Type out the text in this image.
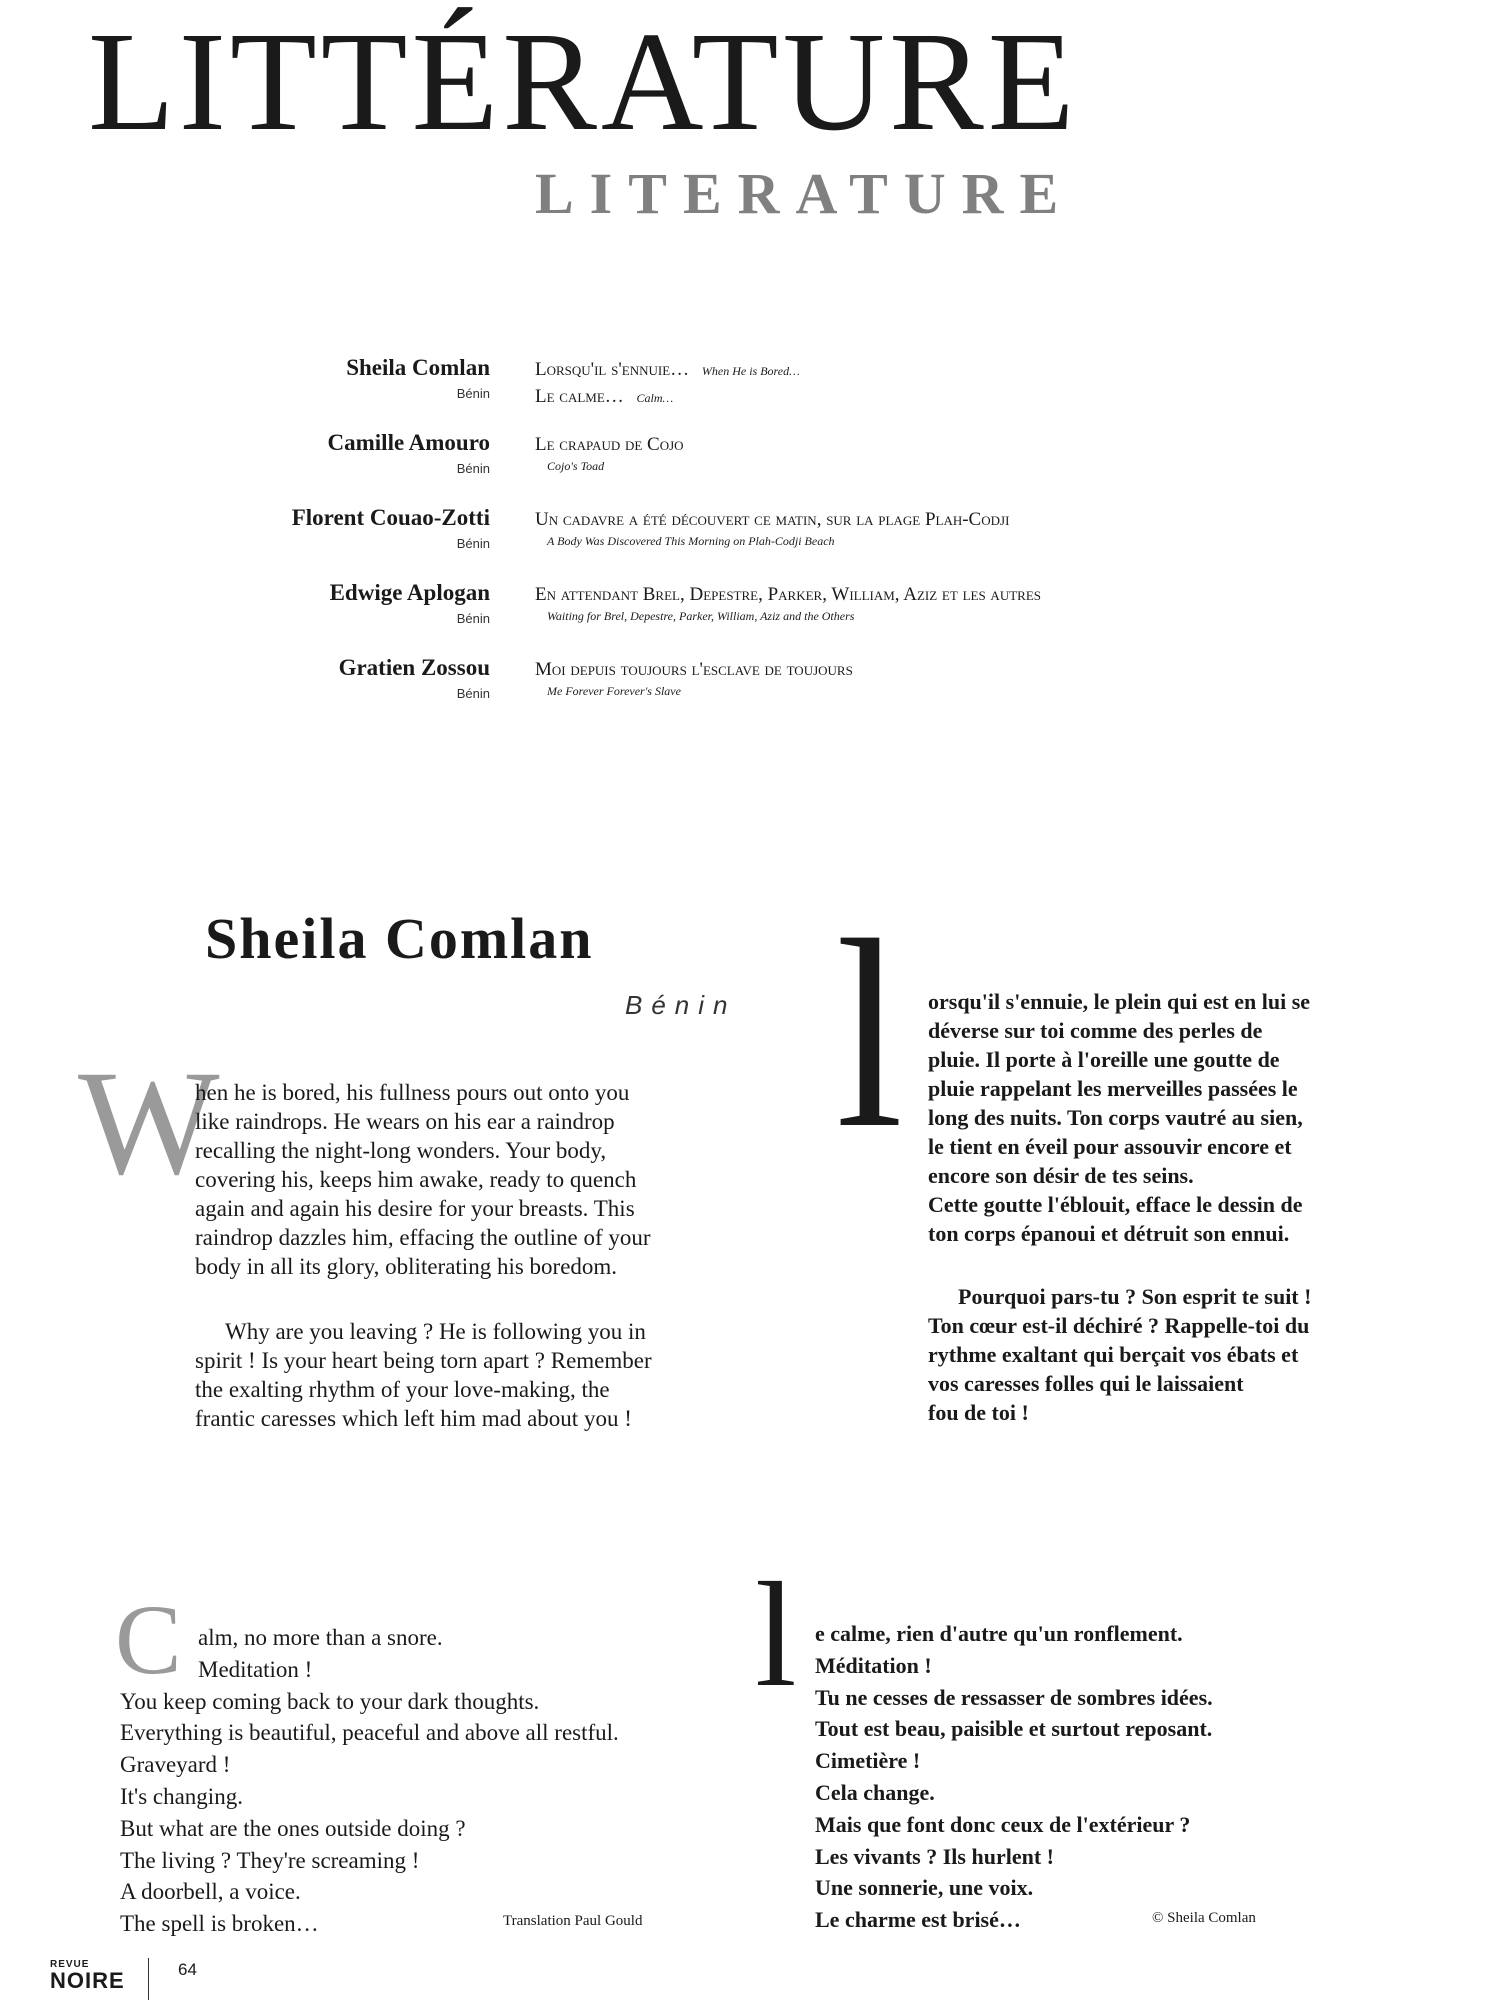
LITTÉRATURE
LITERATURE
Sheila Comlan
Bénin
Lorsqu'il s'ennuie… When He is Bored…
Le calme… Calm…
Camille Amouro
Bénin
Le crapaud de Cojo
Cojo's Toad
Florent Couao-Zotti
Bénin
Un cadavre a été découvert ce matin, sur la plage Plah-Codji
A Body Was Discovered This Morning on Plah-Codji Beach
Edwige Aplogan
Bénin
En attendant Brel, Depestre, Parker, William, Aziz et les autres
Waiting for Brel, Depestre, Parker, William, Aziz and the Others
Gratien Zossou
Bénin
Moi depuis toujours l'esclave de toujours
Me Forever Forever's Slave
Sheila Comlan
Bénin
W
hen he is bored, his fullness pours out onto you
like raindrops. He wears on his ear a raindrop
recalling the night-long wonders. Your body,
covering his, keeps him awake, ready to quench
again and again his desire for your breasts. This
raindrop dazzles him, effacing the outline of your
body in all its glory, obliterating his boredom.
Why are you leaving ? He is following you in
spirit ! Is your heart being torn apart ? Remember
the exalting rhythm of your love-making, the
frantic caresses which left him mad about you !
l orsqu'il s'ennuie, le plein qui est en lui se
déverse sur toi comme des perles de
pluie. Il porte à l'oreille une goutte de
pluie rappelant les merveilles passées le
long des nuits. Ton corps vautré au sien,
le tient en éveil pour assouvir encore et
encore son désir de tes seins.
Cette goutte l'éblouit, efface le dessin de
ton corps épanoui et détruit son ennui.
Pourquoi pars-tu ? Son esprit te suit !
Ton cœur est-il déchiré ? Rappelle-toi du
rythme exaltant qui berçait vos ébats et
vos caresses folles qui le laissaient
fou de toi !
C alm, no more than a snore.
Meditation !
You keep coming back to your dark thoughts.
Everything is beautiful, peaceful and above all restful.
Graveyard !
It's changing.
But what are the ones outside doing ?
The living ? They're screaming !
A doorbell, a voice.
The spell is broken…	Translation Paul Gould
l e calme, rien d'autre qu'un ronflement.
Méditation !
Tu ne cesses de ressasser de sombres idées.
Tout est beau, paisible et surtout reposant.
Cimetière !
Cela change.
Mais que font donc ceux de l'extérieur ?
Les vivants ? Ils hurlent !
Une sonnerie, une voix.
Le charme est brisé…	© Sheila Comlan
REVUE
NOIRE	64
